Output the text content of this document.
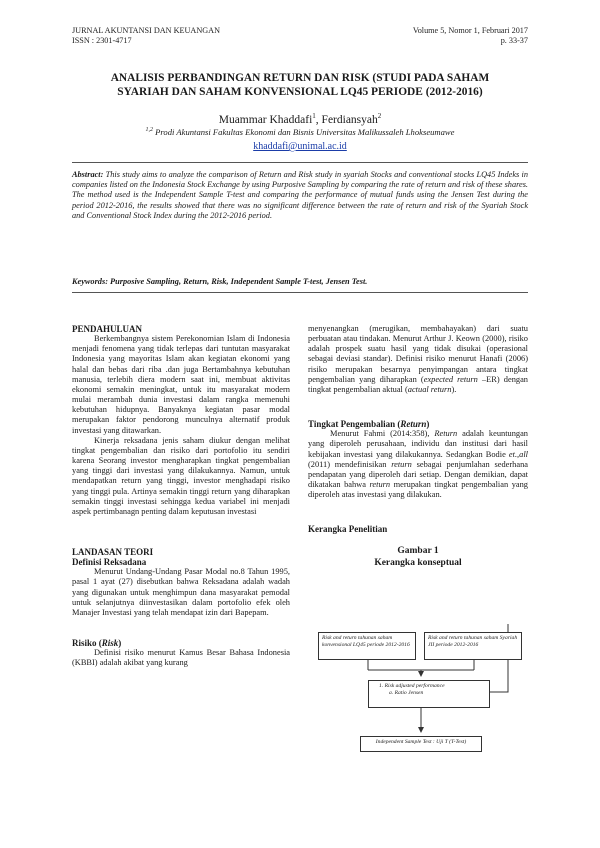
JURNAL AKUNTANSI DAN KEUANGAN
ISSN : 2301-4717
Volume 5, Nomor 1, Februari 2017
p. 33-37
ANALISIS PERBANDINGAN RETURN DAN RISK (STUDI PADA SAHAM
SYARIAH DAN SAHAM KONVENSIONAL LQ45 PERIODE (2012-2016)
Muammar Khaddafi$^1$, Ferdiansyah$^2$
$^{1,2}$ Prodi Akuntansi Fakultas Ekonomi dan Bisnis Universitas Malikussaleh Lhokseumawe
khaddafi@unimal.ac.id
Abstract: This study aims to analyze the comparison of Return and Risk study in syariah Stocks and conventional stocks LQ45 Indeks in companies listed on the Indonesia Stock Exchange by using Purposive Sampling by comparing the rate of return and risk of these shares. The method used is the Independent Sample T-test and comparing the performance of mutual funds using the Jensen Test during the period 2012-2016, the results showed that there was no significant difference between the rate of return and risk of the Syariah Stock and Conventional Stock Index during the 2012-2016 period.
Keywords: Purposive Sampling, Return, Risk, Independent Sample T-test, Jensen Test.
PENDAHULUAN

Berkembangnya sistem Perekonomian Islam di Indonesia menjadi fenomena yang tidak terlepas dari tuntutan masyarakat Indonesia yang mayoritas Islam akan kegiatan ekonomi yang halal dan bebas dari riba .dan juga Bertambahnya kebutuhan manusia, terlebih diera modern saat ini, membuat aktivitas ekonomi semakin meningkat, untuk itu masyarakat modern mulai merambah dunia investasi dalam rangka memenuhi kebutuhan hidupnya. Banyaknya kegiatan pasar modal merupakan faktor pendorong munculnya alternatif produk investasi yang ditawarkan.

Kinerja reksadana jenis saham diukur dengan melihat tingkat pengembalian dan risiko dari portofolio itu sendiri karena Seorang investor mengharapkan tingkat pengembalian yang tinggi dari investasi yang dilakukannya. Namun, untuk mendapatkan return yang tinggi, investor menghadapi risiko yang tinggi pula. Artinya semakin tinggi return yang diharapkan semakin tinggi investasi sehingga kedua variabel ini menjadi aspek pertimbanagn penting dalam keputusan investasi

LANDASAN TEORI
Definisi Reksadana

Menurut Undang-Undang Pasar Modal no.8 Tahun 1995, pasal 1 ayat (27) disebutkan bahwa Reksadana adalah wadah yang digunakan untuk menghimpun dana masyarakat pemodal untuk selanjutnya diinvestasikan dalam portofolio efek oleh Manajer Investasi yang telah mendapat izin dari Bapepam.

Risiko (Risk)

Definisi risiko menurut Kamus Besar Bahasa Indonesia (KBBI) adalah akibat yang kurang

menyenangkan (merugikan, membahayakan) dari suatu perbuatan atau tindakan. Menurut Arthur J. Keown (2000), risiko adalah prospek suatu hasil yang tidak disukai (operasional sebagai deviasi standar). Definisi risiko menurut Hanafi (2006) risiko merupakan besarnya penyimpangan antara tingkat pengembalian yang diharapkan (expected return –ER) dengan tingkat pengembalian aktual (actual return).

Tingkat Pengembalian (Return)

Menurut Fahmi (2014:358), Return adalah keuntungan yang diperoleh perusahaan, individu dan institusi dari hasil kebijakan investasi yang dilakukannya. Sedangkan Bodie et.,all (2011) mendefinisikan return sebagai penjumlahan sederhana pendapatan yang diperoleh dari setiap. Dengan demikian, dapat dikatakan bahwa return merupakan tingkat pengembalian yang diperoleh atas investasi yang dilakukan.

Kerangka Penelitian
Gambar 1
Kerangka konseptual
Risk and return tahunan saham konvensional LQ45 periode 2012-2016
Risk and return tahunan saham Syariah JII periode 2012-2016
1. Risk adjusted performance
a. Ratio Jensen
Independent Sample Test : Uji T (T-Test)
